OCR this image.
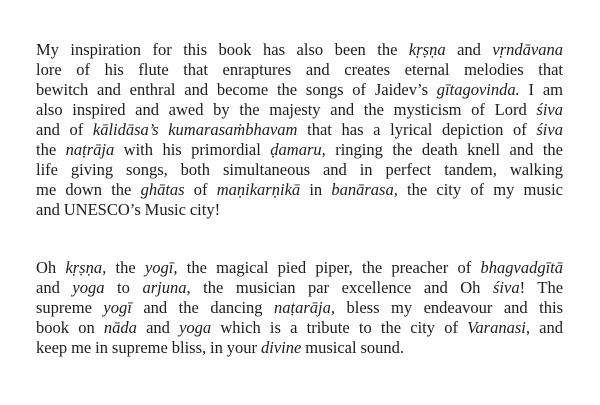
My inspiration for this book has also been the kṛṣṇa and vṛndāvana
lore of his flute that enraptures and creates eternal melodies that
bewitch and enthral and become the songs of Jaidev’s gītagovinda. I am
also inspired and awed by the majesty and the mysticism of Lord śiva
and of kālidāsa’s kumarasaṁbhavam that has a lyrical depiction of śiva
the naṭrāja with his primordial ḍamaru, ringing the death knell and the
life giving songs, both simultaneous and in perfect tandem, walking
me down the ghātas of maṇikarṇikā in banārasa, the city of my music
and UNESCO’s Music city!
Oh kṛṣṇa, the yogī, the magical pied piper, the preacher of bhagvadgītā
and yoga to arjuna, the musician par excellence and Oh śiva! The
supreme yogī and the dancing naṭarāja, bless my endeavour and this
book on nāda and yoga which is a tribute to the city of Varanasi, and
keep me in supreme bliss, in your divine musical sound.
